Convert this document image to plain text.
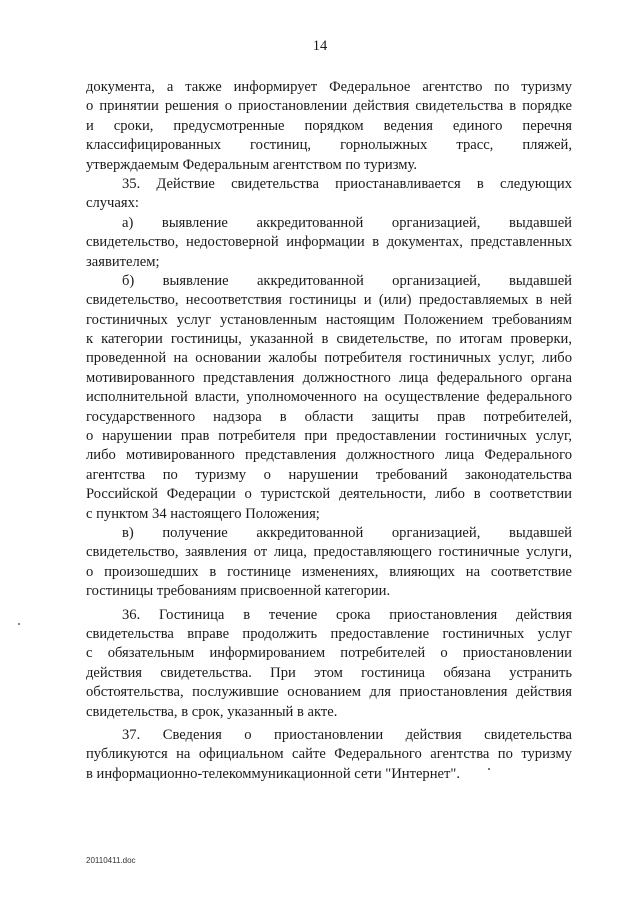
14
документа, а также информирует Федеральное агентство по туризму
о принятии решения о приостановлении действия свидетельства в порядке
и сроки, предусмотренные порядком ведения единого перечня
классифицированных гостиниц, горнолыжных трасс, пляжей,
утверждаемым Федеральным агентством по туризму.
35. Действие свидетельства приостанавливается в следующих
случаях:
а) выявление аккредитованной организацией, выдавшей
свидетельство, недостоверной информации в документах, представленных
заявителем;
б) выявление аккредитованной организацией, выдавшей
свидетельство, несоответствия гостиницы и (или) предоставляемых в ней
гостиничных услуг установленным настоящим Положением требованиям
к категории гостиницы, указанной в свидетельстве, по итогам проверки,
проведенной на основании жалобы потребителя гостиничных услуг, либо
мотивированного представления должностного лица федерального органа
исполнительной власти, уполномоченного на осуществление федерального
государственного надзора в области защиты прав потребителей,
о нарушении прав потребителя при предоставлении гостиничных услуг,
либо мотивированного представления должностного лица Федерального
агентства по туризму о нарушении требований законодательства
Российской Федерации о туристской деятельности, либо в соответствии
с пунктом 34 настоящего Положения;
в) получение аккредитованной организацией, выдавшей
свидетельство, заявления от лица, предоставляющего гостиничные услуги,
о произошедших в гостинице изменениях, влияющих на соответствие
гостиницы требованиям присвоенной категории.
36. Гостиница в течение срока приостановления действия
свидетельства вправе продолжить предоставление гостиничных услуг
с обязательным информированием потребителей о приостановлении
действия свидетельства. При этом гостиница обязана устранить
обстоятельства, послужившие основанием для приостановления действия
свидетельства, в срок, указанный в акте.
37. Сведения о приостановлении действия свидетельства
публикуются на официальном сайте Федерального агентства по туризму
в информационно-телекоммуникационной сети "Интернет".
20110411.doc
